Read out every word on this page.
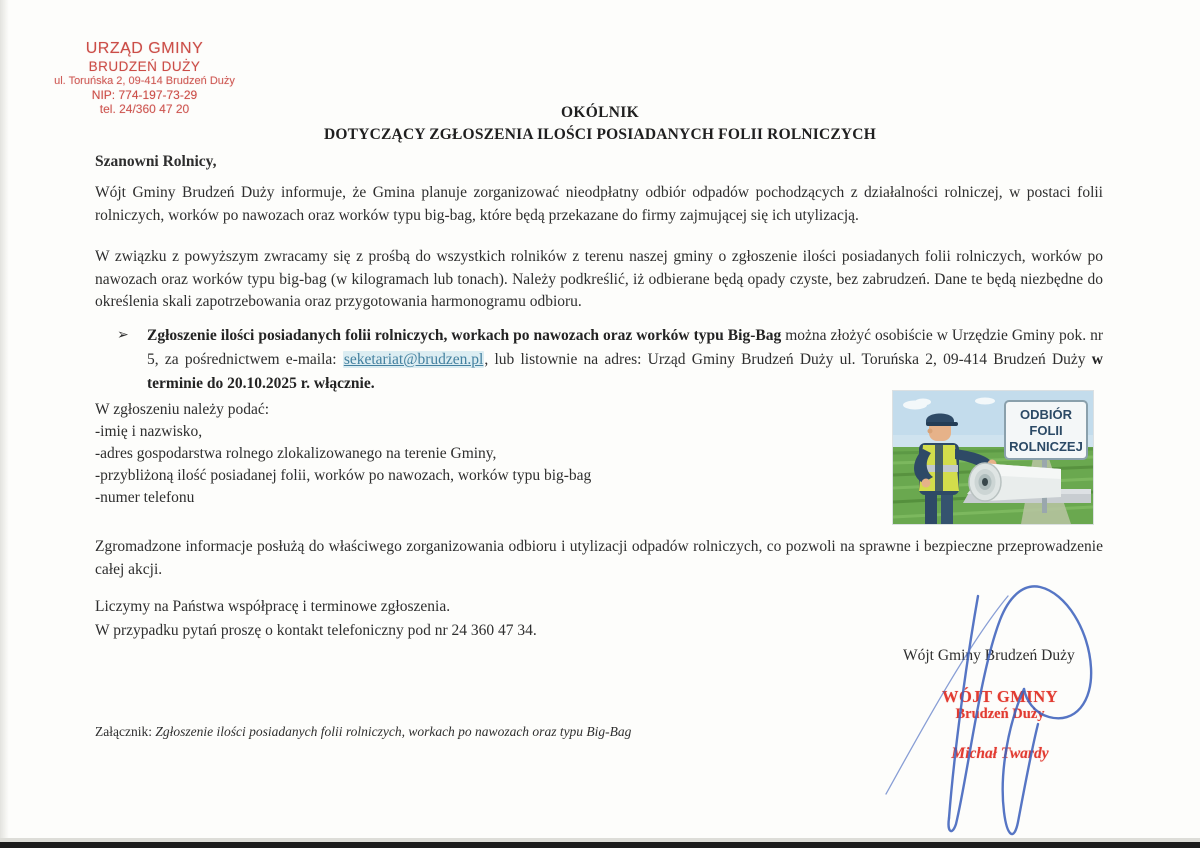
URZĄD GMINY
BRUDZEŃ DUŻY
ul. Toruńska 2, 09-414 Brudzeń Duży
NIP: 774-197-73-29
tel. 24/360 47 20	OKÓLNIK
DOTYCZĄCY ZGŁOSZENIA ILOŚCI POSIADANYCH FOLII ROLNICZYCH
Szanowni Rolnicy,
Wójt Gminy Brudzeń Duży informuje, że Gmina planuje zorganizować nieodpłatny odbiór odpadów pochodzących z działalności rolniczej, w postaci folii rolniczych, worków po nawozach oraz worków typu big-bag, które będą przekazane do firmy zajmującej się ich utylizacją.
W związku z powyższym zwracamy się z prośbą do wszystkich rolników z terenu naszej gminy o zgłoszenie ilości posiadanych folii rolniczych, worków po nawozach oraz worków typu big-bag (w kilogramach lub tonach). Należy podkreślić, iż odbierane będą opady czyste, bez zabrudzeń. Dane te będą niezbędne do określenia skali zapotrzebowania oraz przygotowania harmonogramu odbioru.
➢ Zgłoszenie ilości posiadanych folii rolniczych, workach po nawozach oraz worków typu Big-Bag można złożyć osobiście w Urzędzie Gminy pok. nr 5, za pośrednictwem e-maila: seketariat@brudzen.pl, lub listownie na adres: Urząd Gminy Brudzeń Duży ul. Toruńska 2, 09-414 Brudzeń Duży w terminie do 20.10.2025 r. włącznie.
W zgłoszeniu należy podać:
-imię i nazwisko,
-adres gospodarstwa rolnego zlokalizowanego na terenie Gminy,
-przybliżoną ilość posiadanej folii, worków po nawozach, worków typu big-bag
-numer telefonu
ODBIÓR
FOLII
ROLNICZEJ
Zgromadzone informacje posłużą do właściwego zorganizowania odbioru i utylizacji odpadów rolniczych, co pozwoli na sprawne i bezpieczne przeprowadzenie całej akcji.
Liczymy na Państwa współpracę i terminowe zgłoszenia.
W przypadku pytań proszę o kontakt telefoniczny pod nr 24 360 47 34.
Wójt Gminy Brudzeń Duży
WÓJT GMINY
Brudzeń Duży
Michał Twardy
Załącznik: Zgłoszenie ilości posiadanych folii rolniczych, workach po nawozach oraz typu Big-Bag
